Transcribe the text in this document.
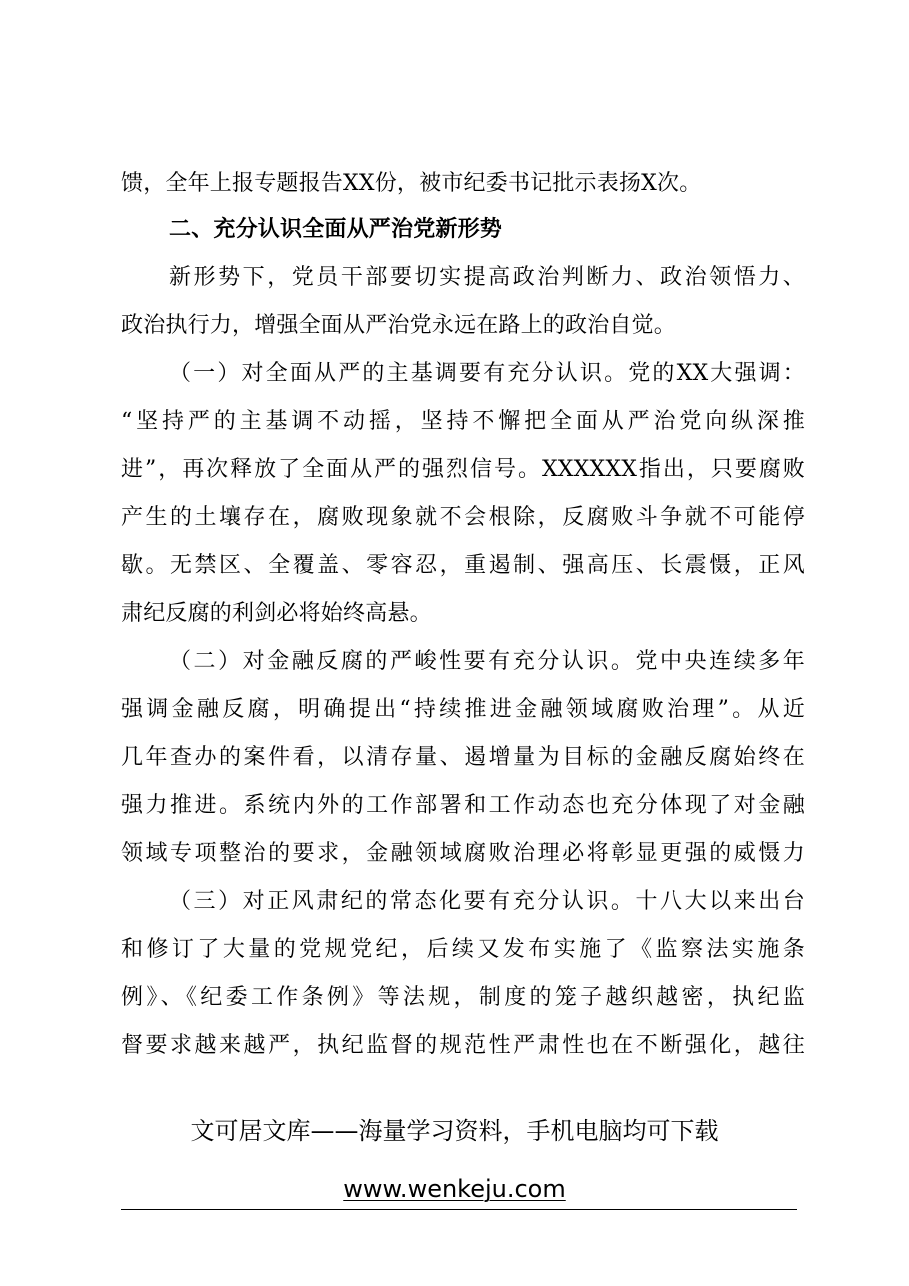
馈，全年上报专题报告XX份，被市纪委书记批示表扬X次。
二、充分认识全面从严治党新形势
新形势下，党员干部要切实提高政治判断力、政治领悟力、
政治执行力，增强全面从严治党永远在路上的政治自觉。
（一）对全面从严的主基调要有充分认识。党的XX大强调：
“坚持严的主基调不动摇，坚持不懈把全面从严治党向纵深推
进”，再次释放了全面从严的强烈信号。XXXXXX指出，只要腐败
产生的土壤存在，腐败现象就不会根除，反腐败斗争就不可能停
歇。无禁区、全覆盖、零容忍，重遏制、强高压、长震慑，正风
肃纪反腐的利剑必将始终高悬。
（二）对金融反腐的严峻性要有充分认识。党中央连续多年
强调金融反腐，明确提出“持续推进金融领域腐败治理”。从近
几年查办的案件看，以清存量、遏增量为目标的金融反腐始终在
强力推进。系统内外的工作部署和工作动态也充分体现了对金融
领域专项整治的要求，金融领域腐败治理必将彰显更强的威慑力
（三）对正风肃纪的常态化要有充分认识。十八大以来出台
和修订了大量的党规党纪，后续又发布实施了《监察法实施条
例》、《纪委工作条例》等法规，制度的笼子越织越密，执纪监
督要求越来越严，执纪监督的规范性严肃性也在不断强化，越往
文可居文库——海量学习资料，手机电脑均可下载
www.wenkeju.com
